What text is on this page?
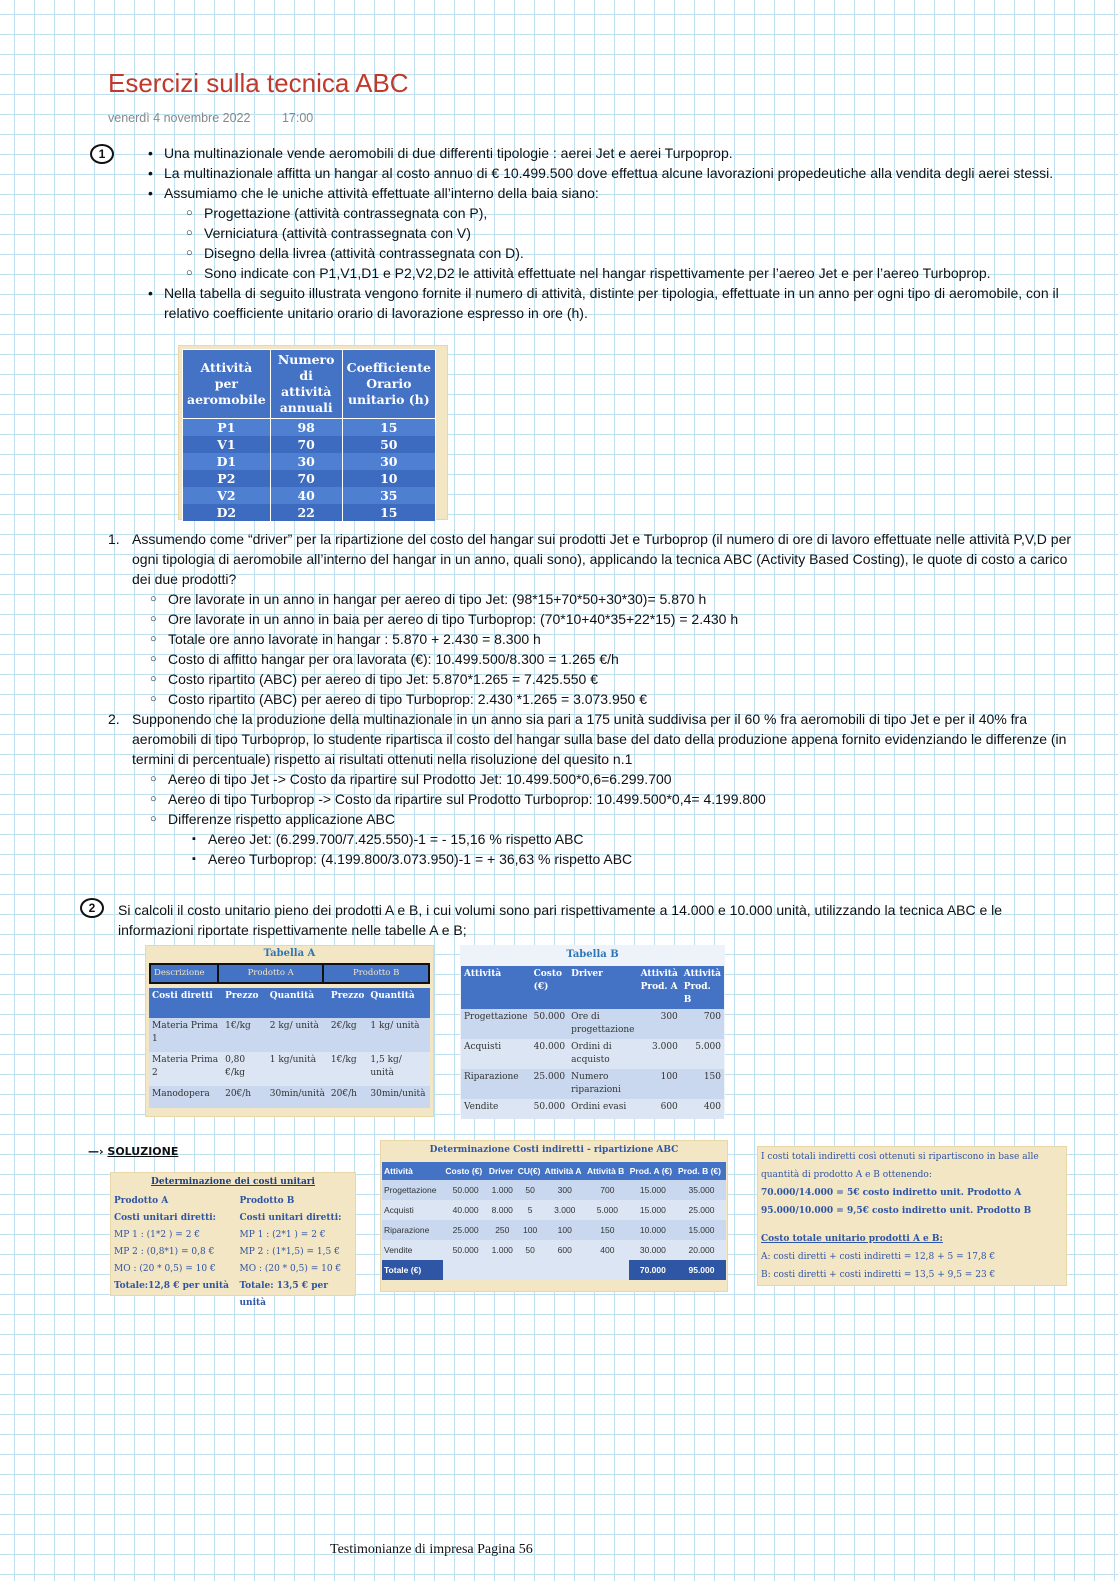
Esercizi sulla tecnica ABC
venerdì 4 novembre 2022	17:00
1	• Una multinazionale vende aeromobili di due differenti tipologie : aerei Jet e aerei Turpoprop.
• La multinazionale affitta un hangar al costo annuo di € 10.499.500 dove effettua alcune lavorazioni propedeutiche alla vendita degli aerei stessi.
• Assumiamo che le uniche attività effettuate all’interno della baia siano:
○ Progettazione (attività contrassegnata con P),
○ Verniciatura (attività contrassegnata con V)
○ Disegno della livrea (attività contrassegnata con D).
○ Sono indicate con P1,V1,D1 e P2,V2,D2 le attività effettuate nel hangar rispettivamente per l’aereo Jet e per l’aereo Turboprop.
• Nella tabella di seguito illustrata vengono fornite il numero di attività, distinte per tipologia, effettuate in un anno per ogni tipo di aeromobile, con il relativo coefficiente unitario orario di lavorazione espresso in ore (h).
Attività per aeromobile	Numero di attività annuali	Coefficiente Orario unitario (h)
P1	98	15
V1	70	50
D1	30	30
P2	70	10
V2	40	35
D2	22	15
1. Assumendo come “driver” per la ripartizione del costo del hangar sui prodotti Jet e Turboprop (il numero di ore di lavoro effettuate nelle attività P,V,D per ogni tipologia di aeromobile all’interno del hangar in un anno, quali sono), applicando la tecnica ABC (Activity Based Costing), le quote di costo a carico dei due prodotti?
○ Ore lavorate in un anno in hangar per aereo di tipo Jet: (98*15+70*50+30*30)= 5.870 h
○ Ore lavorate in un anno in baia per aereo di tipo Turboprop: (70*10+40*35+22*15) = 2.430 h
○ Totale ore anno lavorate in hangar : 5.870 + 2.430 = 8.300 h
○ Costo di affitto hangar per ora lavorata (€): 10.499.500/8.300 = 1.265 €/h
○ Costo ripartito (ABC) per aereo di tipo Jet: 5.870*1.265 = 7.425.550 €
○ Costo ripartito (ABC) per aereo di tipo Turboprop: 2.430 *1.265 = 3.073.950 €
2. Supponendo che la produzione della multinazionale in un anno sia pari a 175 unità suddivisa per il 60 % fra aeromobili di tipo Jet e per il 40% fra aeromobili di tipo Turboprop, lo studente ripartisca il costo del hangar sulla base del dato della produzione appena fornito evidenziando le differenze (in termini di percentuale) rispetto ai risultati ottenuti nella risoluzione del quesito n.1
○ Aereo di tipo Jet -> Costo da ripartire sul Prodotto Jet: 10.499.500*0,6=6.299.700
○ Aereo di tipo Turboprop -> Costo da ripartire sul Prodotto Turboprop: 10.499.500*0,4= 4.199.800
○ Differenze rispetto applicazione ABC
▪ Aereo Jet: (6.299.700/7.425.550)-1 = - 15,16 % rispetto ABC
▪ Aereo Turboprop: (4.199.800/3.073.950)-1 = + 36,63 % rispetto ABC
2	Si calcoli il costo unitario pieno dei prodotti A e B, i cui volumi sono pari rispettivamente a 14.000 e 10.000 unità, utilizzando la tecnica ABC e le informazioni riportate rispettivamente nelle tabelle A e B;
Tabella A
Descrizione	Prodotto A	Prodotto B
Costi diretti	Prezzo	Quantità	Prezzo	Quantità
Materia Prima 1	1€/kg	2 kg/ unità	2€/kg	1 kg/ unità
Materia Prima 2	0,80 €/kg	1 kg/unità	1€/kg	1,5 kg/ unità
Manodopera	20€/h	30min/unità	20€/h	30min/unità
Tabella B
Attività	Costo (€)	Driver	Attività Prod. A	Attività Prod. B
Progettazione	50.000	Ore di progettazione	300	700
Acquisti	40.000	Ordini di acquisto	3.000	5.000
Riparazione	25.000	Numero riparazioni	100	150
Vendite	50.000	Ordini evasi	600	400
—› SOLUZIONE
Determinazione dei costi unitari
Prodotto A
Costi unitari diretti:
MP 1 : (1*2 ) = 2 €
MP 2 : (0,8*1) = 0,8 €
MO : (20 * 0,5) = 10 €
Totale:12,8 € per unità
Prodotto B
Costi unitari diretti:
MP 1 : (2*1 ) = 2 €
MP 2 : (1*1,5) = 1,5 €
MO : (20 * 0,5) = 10 €
Totale: 13,5 € per unità
Determinazione Costi indiretti - ripartizione ABC
Attività	Costo (€)	Driver	CU(€)	Attività A	Attività B	Prod. A (€)	Prod. B (€)
Progettazione	50.000	1.000	50	300	700	15.000	35.000
Acquisti	40.000	8.000	5	3.000	5.000	15.000	25.000
Riparazione	25.000	250	100	100	150	10.000	15.000
Vendite	50.000	1.000	50	600	400	30.000	20.000
Totale (€)						70.000	95.000
I costi totali indiretti così ottenuti si ripartiscono in base alle quantità di prodotto A e B ottenendo:
70.000/14.000 = 5€ costo indiretto unit. Prodotto A
95.000/10.000 = 9,5€ costo indiretto unit. Prodotto B
Costo totale unitario prodotti A e B:
A: costi diretti + costi indiretti = 12,8 + 5 = 17,8 €
B: costi diretti + costi indiretti = 13,5 + 9,5 = 23 €
Testimonianze di impresa Pagina 56
